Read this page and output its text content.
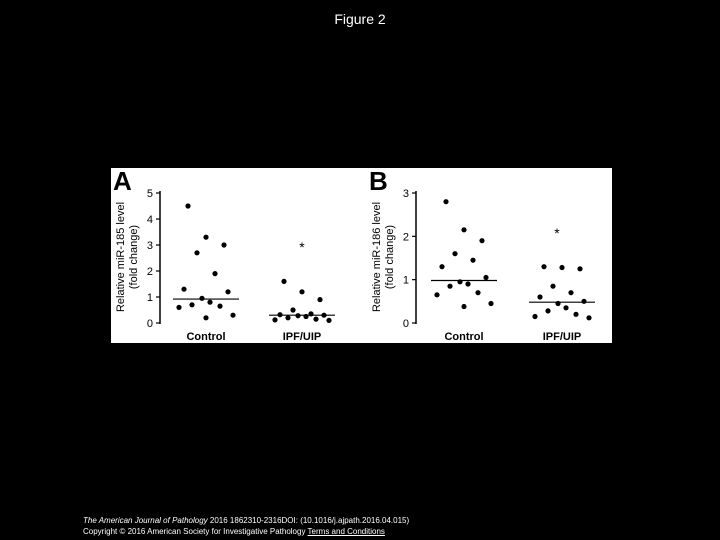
Figure 2
A
Relative miR-185 level (fold change)
0
1
2
3
4
5
Control	IPF/UIP
*
B
Relative miR-186 level (fold change)
0
1
2
3
Control	IPF/UIP
*
The American Journal of Pathology 2016 1862310-2316DOI: (10.1016/j.ajpath.2016.04.015)
Copyright © 2016 American Society for Investigative Pathology Terms and Conditions
